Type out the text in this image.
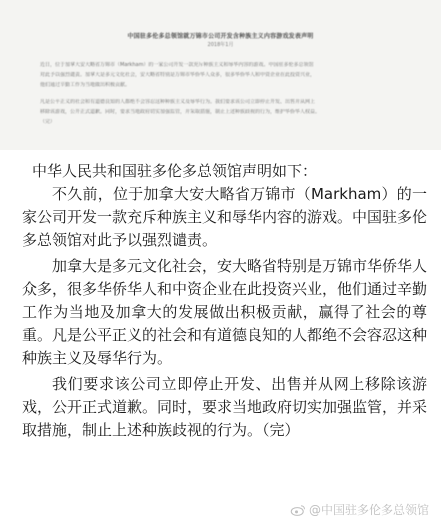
中国驻多伦多总领馆就万锦市公司开发含种族主义内容游戏发表声明
2018年1月
近日，位于加拿大安大略省万锦市（Markham）的一家公司开发一款充斥种族主义和辱华内容的游戏。中国驻多伦多总领馆
对此予以强烈谴责。加拿大是多元文化社会，安大略省特别是万锦市华侨华人众多，很多华侨华人和中资企业在此投资兴业，
他们通过辛勤工作为当地做出积极贡献。
凡是公平正义的社会和有道德良知的人都绝不会容忍这种种族主义及辱华行为。我们要求该公司立即停止开发、出售并从网上
移除该游戏，公开正式道歉。同时，要求当地政府切实加强监管，并采取措施，制止上述种族歧视的行为，维护华侨华人权益。
（完）

中华人民共和国驻多伦多总领馆声明如下：

不久前，位于加拿大安大略省万锦市（Markham）的一家公司开发一款充斥种族主义和辱华内容的游戏。中国驻多伦多总领馆对此予以强烈谴责。

加拿大是多元文化社会，安大略省特别是万锦市华侨华人众多，很多华侨华人和中资企业在此投资兴业，他们通过辛勤工作为当地及加拿大的发展做出积极贡献，赢得了社会的尊重。凡是公平正义的社会和有道德良知的人都绝不会容忍这种种族主义及辱华行为。

我们要求该公司立即停止开发、出售并从网上移除该游戏，公开正式道歉。同时，要求当地政府切实加强监管，并采取措施，制止上述种族歧视的行为。（完）

@中国驻多伦多总领馆
